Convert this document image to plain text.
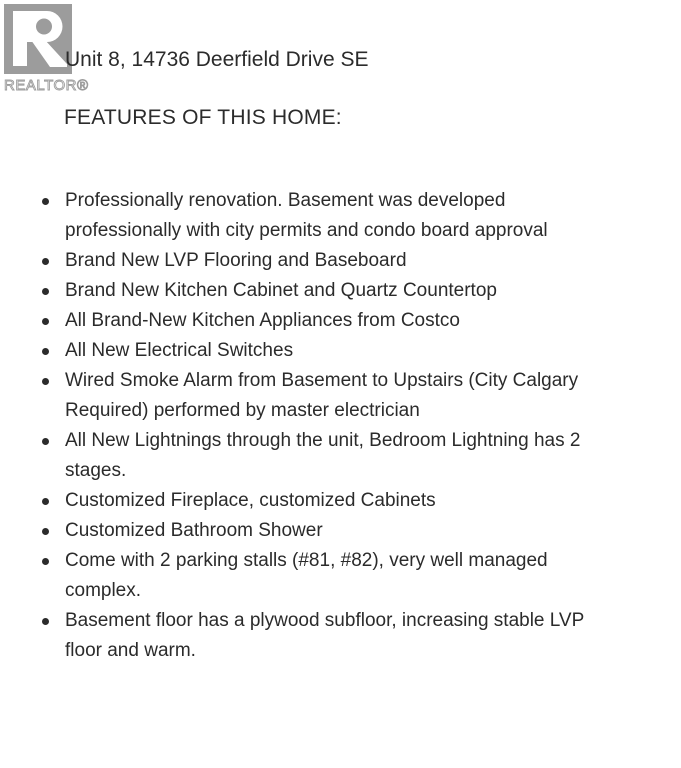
REALTOR®
Unit 8, 14736 Deerfield Drive SE
FEATURES OF THIS HOME:
Professionally renovation. Basement was developed professionally with city permits and condo board approval
Brand New LVP Flooring and Baseboard
Brand New Kitchen Cabinet and Quartz Countertop
All Brand-New Kitchen Appliances from Costco
All New Electrical Switches
Wired Smoke Alarm from Basement to Upstairs (City Calgary Required) performed by master electrician
All New Lightnings through the unit, Bedroom Lightning has 2 stages.
Customized Fireplace, customized Cabinets
Customized Bathroom Shower
Come with 2 parking stalls (#81, #82), very well managed complex.
Basement floor has a plywood subfloor, increasing stable LVP floor and warm.
